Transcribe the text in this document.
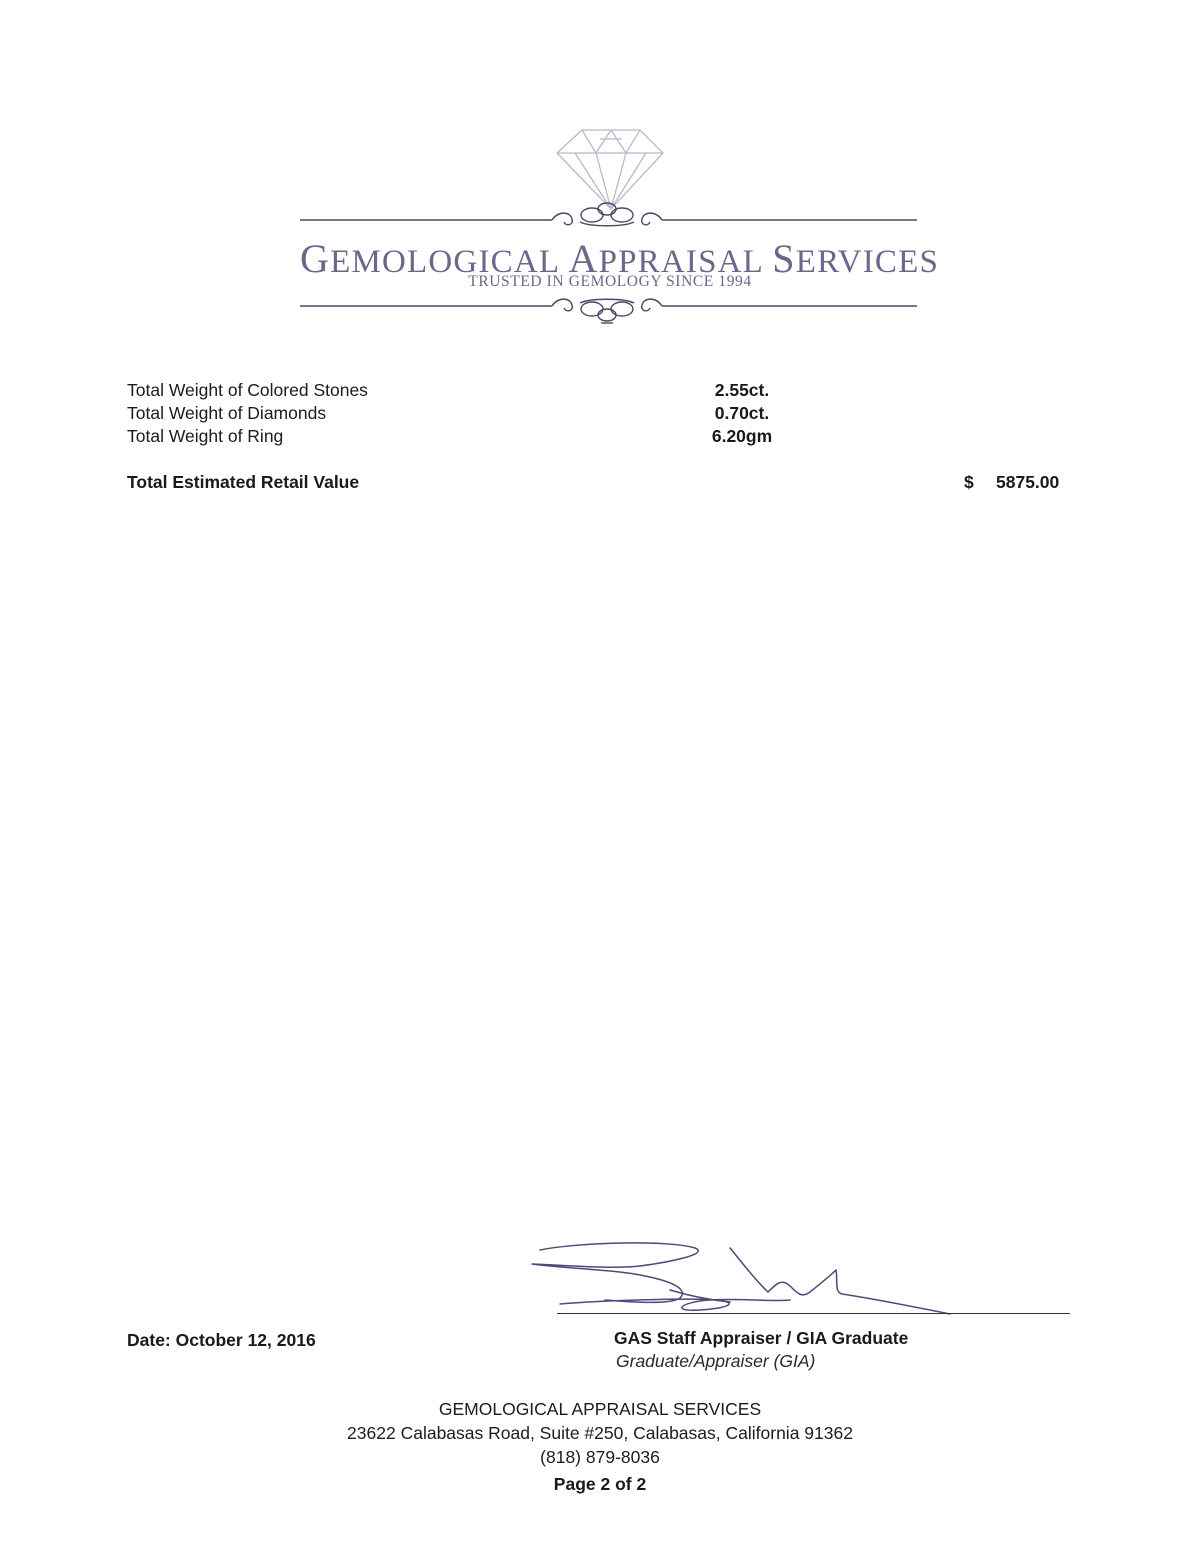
GEMOLOGICAL APPRAISAL SERVICES
TRUSTED IN GEMOLOGY SINCE 1994
Total Weight of Colored Stones	2.55ct.
Total Weight of Diamonds	0.70ct.
Total Weight of Ring	6.20gm
Total Estimated Retail Value	$ 5875.00
Date: October 12, 2016	GAS Staff Appraiser / GIA Graduate
Graduate/Appraiser (GIA)
GEMOLOGICAL APPRAISAL SERVICES
23622 Calabasas Road, Suite #250, Calabasas, California 91362
(818) 879-8036
Page 2 of 2
